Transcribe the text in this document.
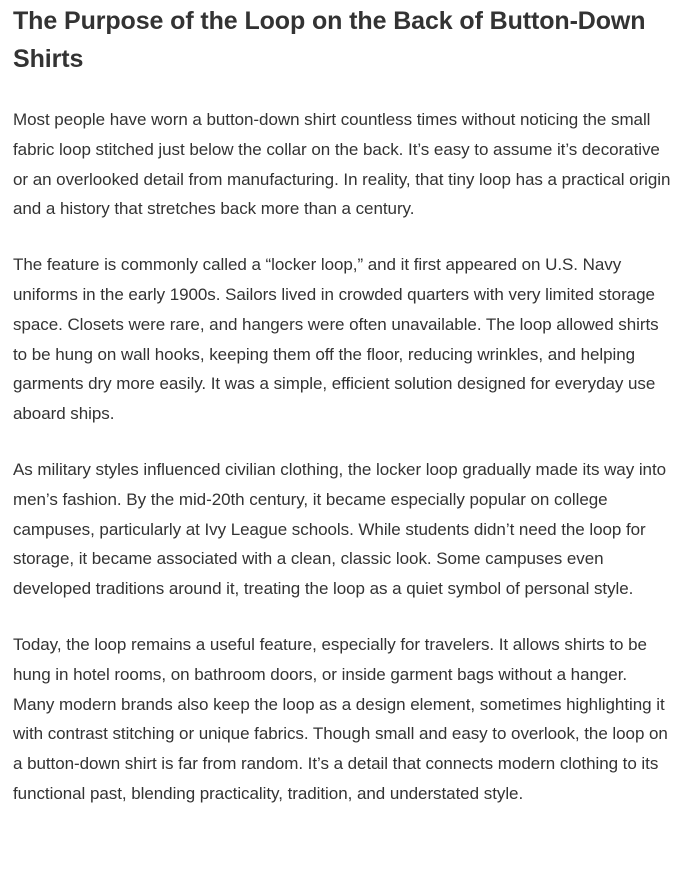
The Purpose of the Loop on the Back of Button-Down Shirts

Most people have worn a button-down shirt countless times without noticing the small fabric loop stitched just below the collar on the back. It’s easy to assume it’s decorative or an overlooked detail from manufacturing. In reality, that tiny loop has a practical origin and a history that stretches back more than a century.

The feature is commonly called a “locker loop,” and it first appeared on U.S. Navy uniforms in the early 1900s. Sailors lived in crowded quarters with very limited storage space. Closets were rare, and hangers were often unavailable. The loop allowed shirts to be hung on wall hooks, keeping them off the floor, reducing wrinkles, and helping garments dry more easily. It was a simple, efficient solution designed for everyday use aboard ships.

As military styles influenced civilian clothing, the locker loop gradually made its way into men’s fashion. By the mid-20th century, it became especially popular on college campuses, particularly at Ivy League schools. While students didn’t need the loop for storage, it became associated with a clean, classic look. Some campuses even developed traditions around it, treating the loop as a quiet symbol of personal style.

Today, the loop remains a useful feature, especially for travelers. It allows shirts to be hung in hotel rooms, on bathroom doors, or inside garment bags without a hanger. Many modern brands also keep the loop as a design element, sometimes highlighting it with contrast stitching or unique fabrics. Though small and easy to overlook, the loop on a button-down shirt is far from random. It’s a detail that connects modern clothing to its functional past, blending practicality, tradition, and understated style.
